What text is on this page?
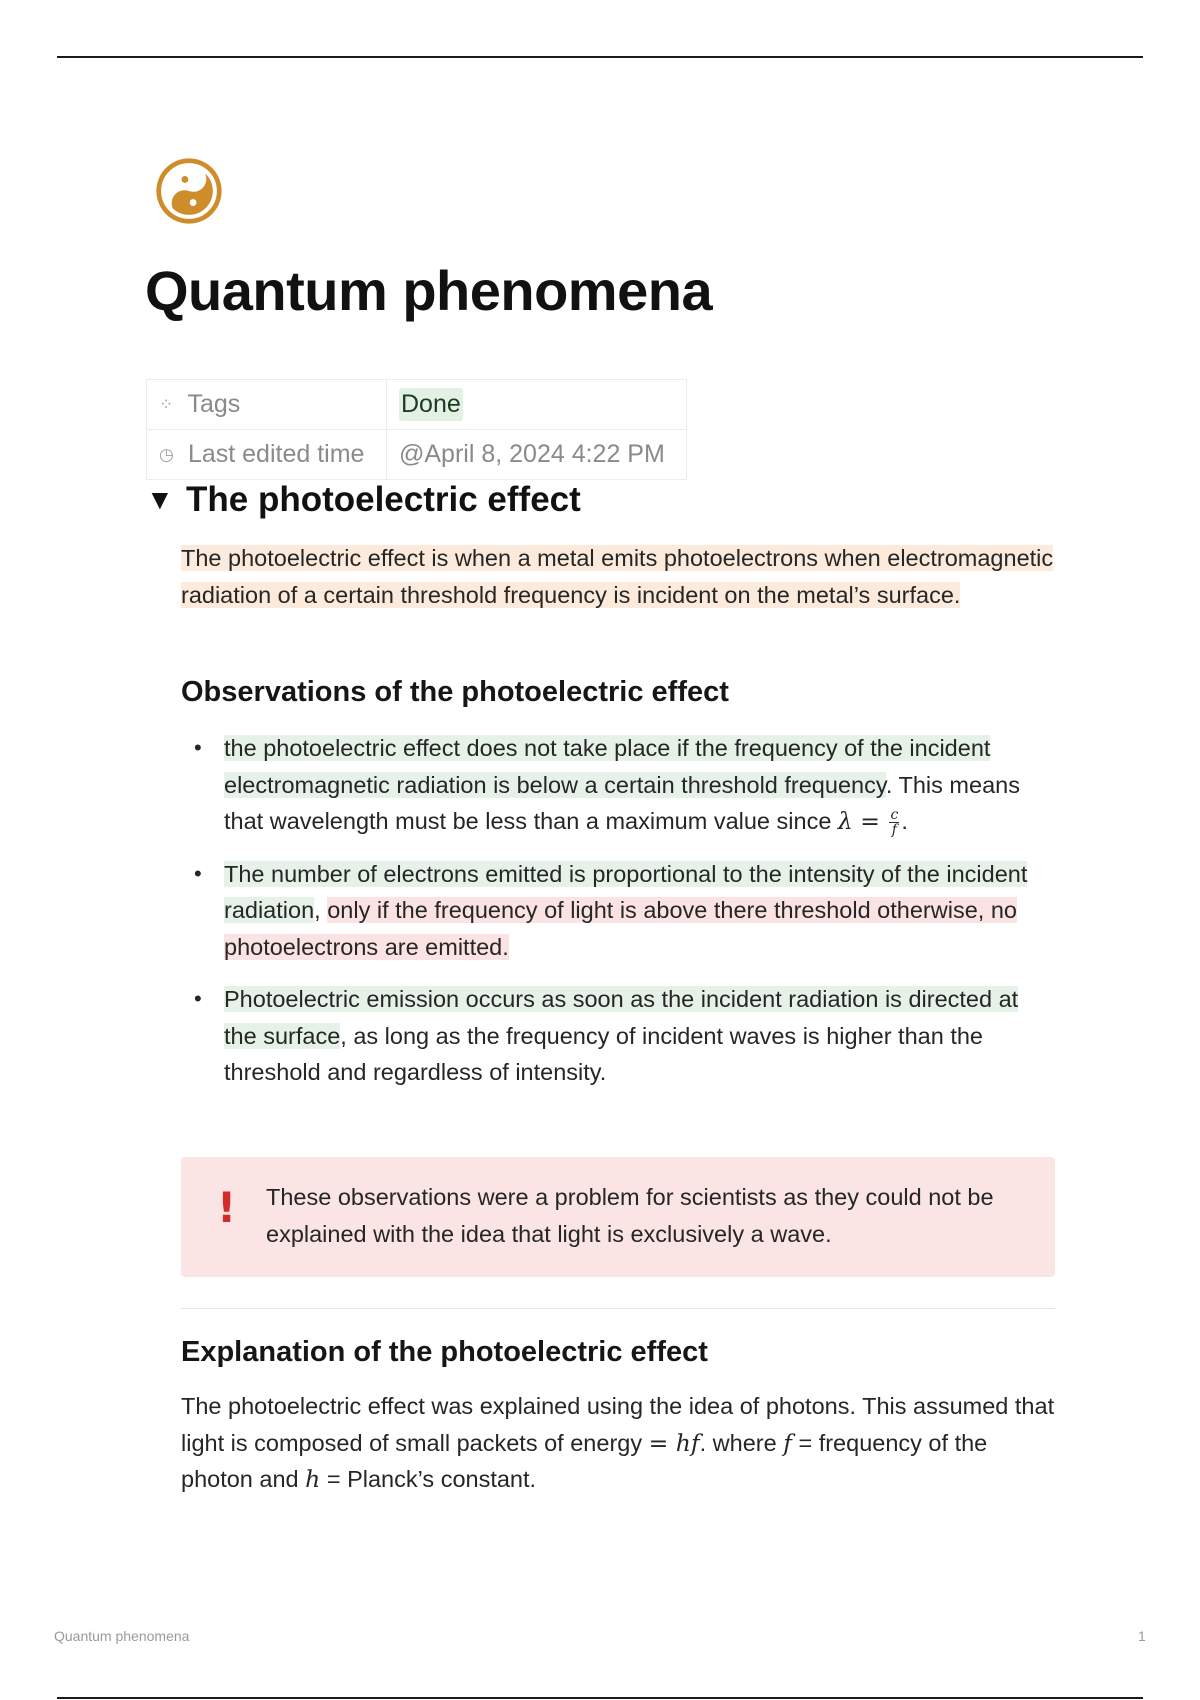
Quantum phenomena
⁘ Tags	Done
◷ Last edited time	@April 8, 2024 4:22 PM
▼ The photoelectric effect

The photoelectric effect is when a metal emits photoelectrons when electromagnetic radiation of a certain threshold frequency is incident on the metal’s surface.

Observations of the photoelectric effect
• the photoelectric effect does not take place if the frequency of the incident electromagnetic radiation is below a certain threshold frequency. This means that wavelength must be less than a maximum value since $\lambda = \frac{c}{f}$ .
• The number of electrons emitted is proportional to the intensity of the incident radiation, only if the frequency of light is above there threshold otherwise, no photoelectrons are emitted.
• Photoelectric emission occurs as soon as the incident radiation is directed at the surface, as long as the frequency of incident waves is higher than the threshold and regardless of intensity.
! These observations were a problem for scientists as they could not be explained with the idea that light is exclusively a wave.
Explanation of the photoelectric effect

The photoelectric effect was explained using the idea of photons. This assumed that light is composed of small packets of energy = hf. where f = frequency of the photon and h = Planck’s constant.

Quantum phenomena	1
